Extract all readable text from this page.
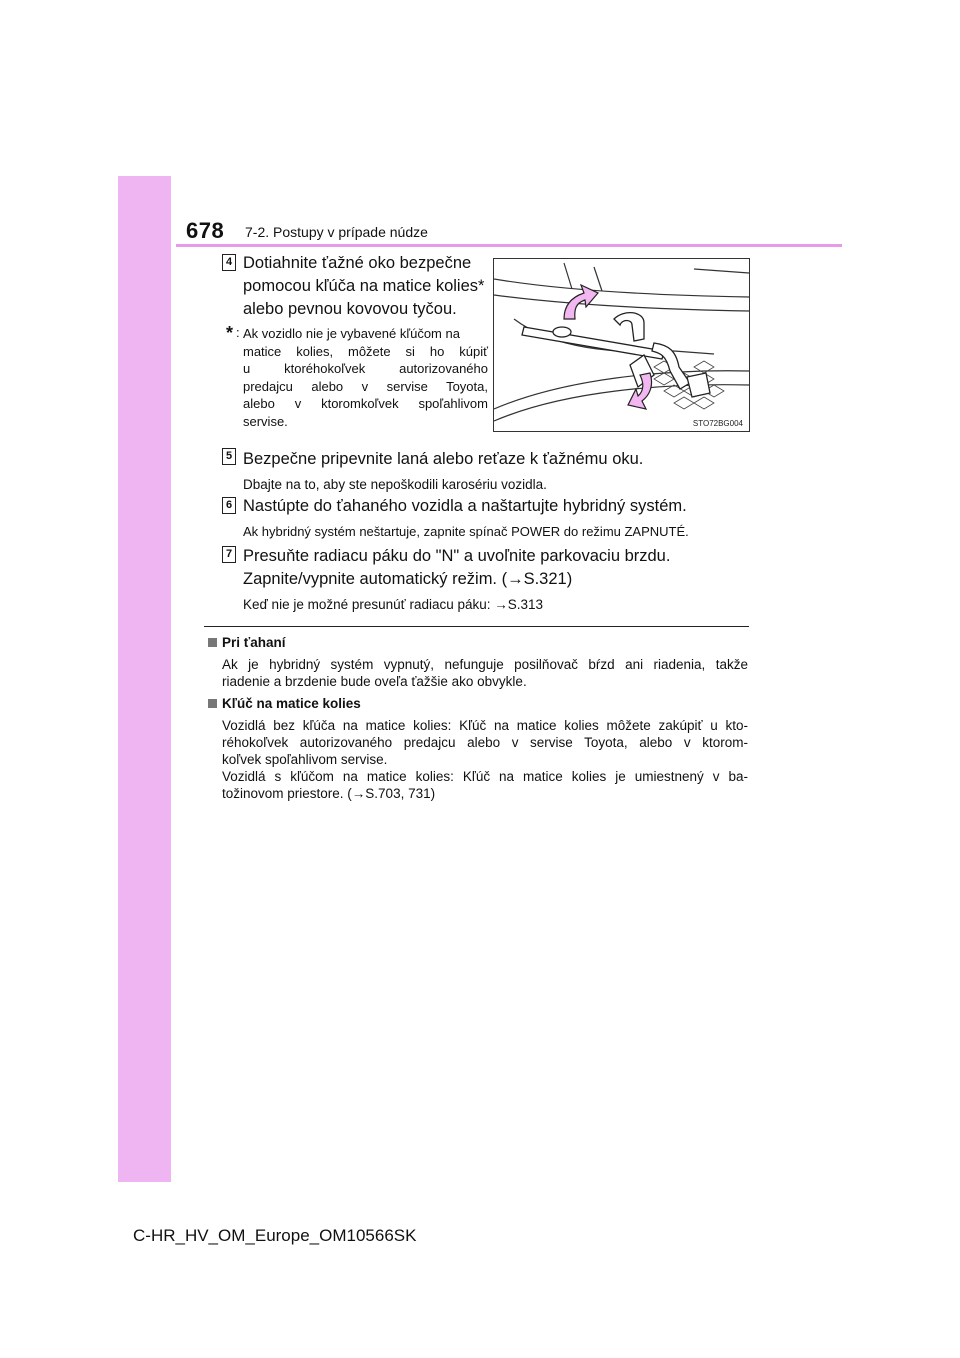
678 7-2. Postupy v prípade núdze
4 Dotiahnite ťažné oko bezpečne
pomocou kľúča na matice kolies*
alebo pevnou kovovou tyčou.
* : Ak vozidlo nie je vybavené kľúčom na
matice kolies, môžete si ho kúpiť
u ktoréhokoľvek autorizovaného
predajcu alebo v servise Toyota,
alebo v ktoromkoľvek spoľahlivom
servise.	STO72BG004
5 Bezpečne pripevnite laná alebo reťaze k ťažnému oku.
Dbajte na to, aby ste nepoškodili karosériu vozidla.
6 Nastúpte do ťahaného vozidla a naštartujte hybridný systém.
Ak hybridný systém neštartuje, zapnite spínač POWER do režimu ZAPNUTÉ.
7 Presuňte radiacu páku do "N" a uvoľnite parkovaciu brzdu.
Zapnite/vypnite automatický režim. (→S.321)
Keď nie je možné presunúť radiacu páku: →S.313
Pri ťahaní
Ak je hybridný systém vypnutý, nefunguje posilňovač bŕzd ani riadenia, takže
riadenie a brzdenie bude oveľa ťažšie ako obvykle.
Kľúč na matice kolies
Vozidlá bez kľúča na matice kolies: Kľúč na matice kolies môžete zakúpiť u kto-
réhokoľvek autorizovaného predajcu alebo v servise Toyota, alebo v ktorom-
koľvek spoľahlivom servise.
Vozidlá s kľúčom na matice kolies: Kľúč na matice kolies je umiestnený v ba-
tožinovom priestore. (→S.703, 731)
C-HR_HV_OM_Europe_OM10566SK
